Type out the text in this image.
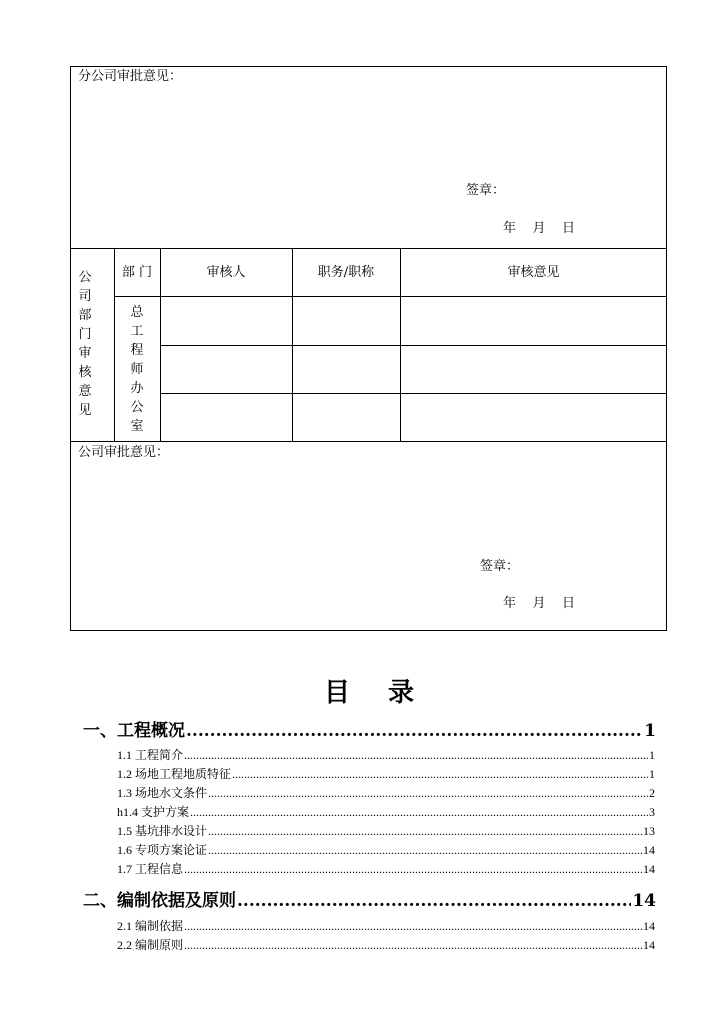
分公司审批意见：
签章：
年    月    日
公司部门审核意见
部 门	审核人	职务/职称	审核意见
总工程师办公室
公司审批意见：
签章：
年    月    日
目录
一、工程概况 .....	1
1.1 工程简介 .....	1
1.2 场地工程地质特征 .....	1
1.3 场地水文条件 .....	2
h1.4 支护方案 .....	3
1.5 基坑排水设计 .....	13
1.6 专项方案论证 .....	14
1.7 工程信息 .....	14
二、编制依据及原则 .....	14
2.1 编制依据 .....	14
2.2 编制原则 .....	14
